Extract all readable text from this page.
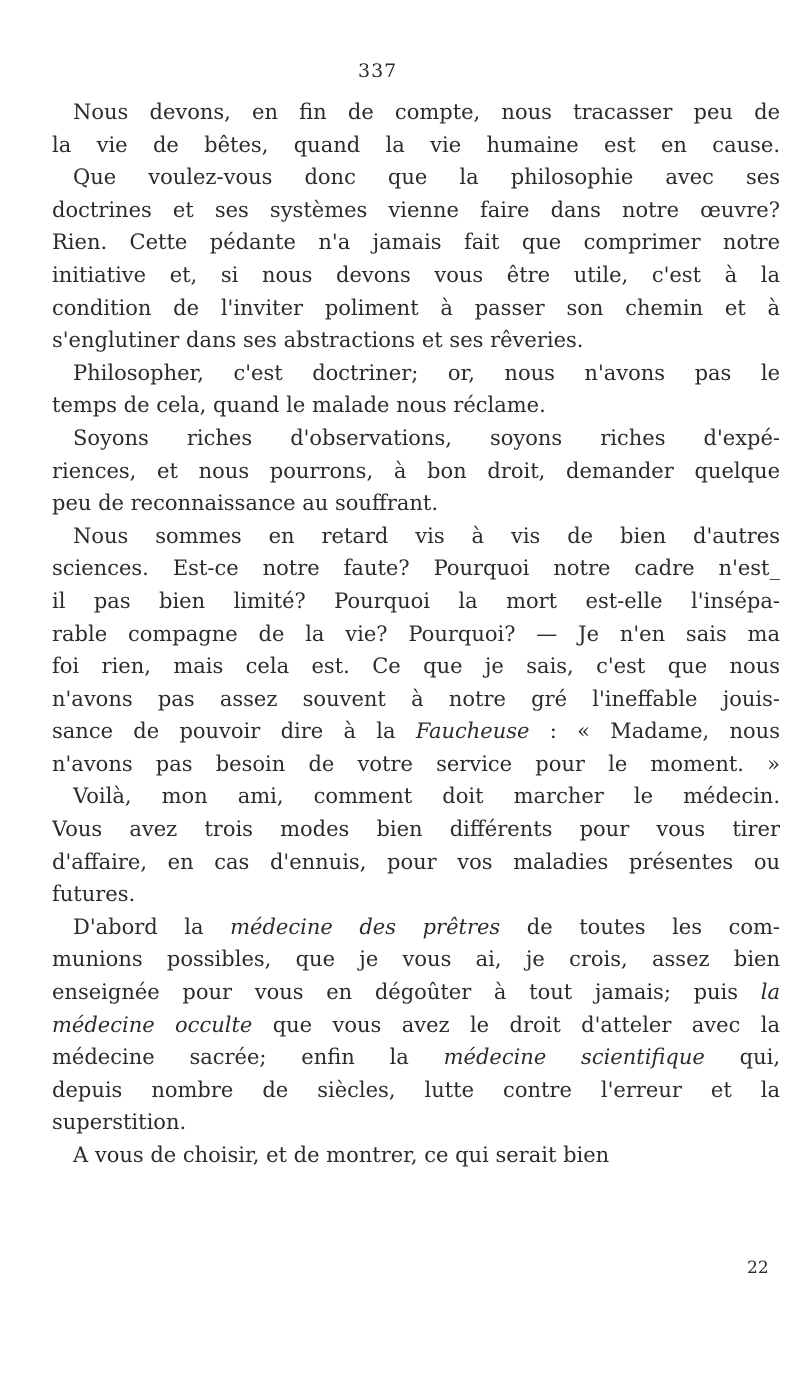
337
Nous devons, en fin de compte, nous tracasser peu de
la vie de bêtes, quand la vie humaine est en cause.
Que voulez-vous donc que la philosophie avec ses
doctrines et ses systèmes vienne faire dans notre œuvre?
Rien. Cette pédante n'a jamais fait que comprimer notre
initiative et, si nous devons vous être utile, c'est à la
condition de l'inviter poliment à passer son chemin et à
s'englutiner dans ses abstractions et ses rêveries.
Philosopher, c'est doctriner; or, nous n'avons pas le
temps de cela, quand le malade nous réclame.
Soyons riches d'observations, soyons riches d'expé-
riences, et nous pourrons, à bon droit, demander quelque
peu de reconnaissance au souffrant.
Nous sommes en retard vis à vis de bien d'autres
sciences. Est-ce notre faute? Pourquoi notre cadre n'est_
il pas bien limité? Pourquoi la mort est-elle l'insépa-
rable compagne de la vie? Pourquoi? — Je n'en sais ma
foi rien, mais cela est. Ce que je sais, c'est que nous
n'avons pas assez souvent à notre gré l'ineffable jouis-
sance de pouvoir dire à la Faucheuse : « Madame, nous
n'avons pas besoin de votre service pour le moment. »
Voilà, mon ami, comment doit marcher le médecin.
Vous avez trois modes bien différents pour vous tirer
d'affaire, en cas d'ennuis, pour vos maladies présentes ou
futures.
D'abord la médecine des prêtres de toutes les com-
munions possibles, que je vous ai, je crois, assez bien
enseignée pour vous en dégoûter à tout jamais; puis la
médecine occulte que vous avez le droit d'atteler avec la
médecine sacrée; enfin la médecine scientifique qui,
depuis nombre de siècles, lutte contre l'erreur et la
superstition.
A vous de choisir, et de montrer, ce qui serait bien
22
